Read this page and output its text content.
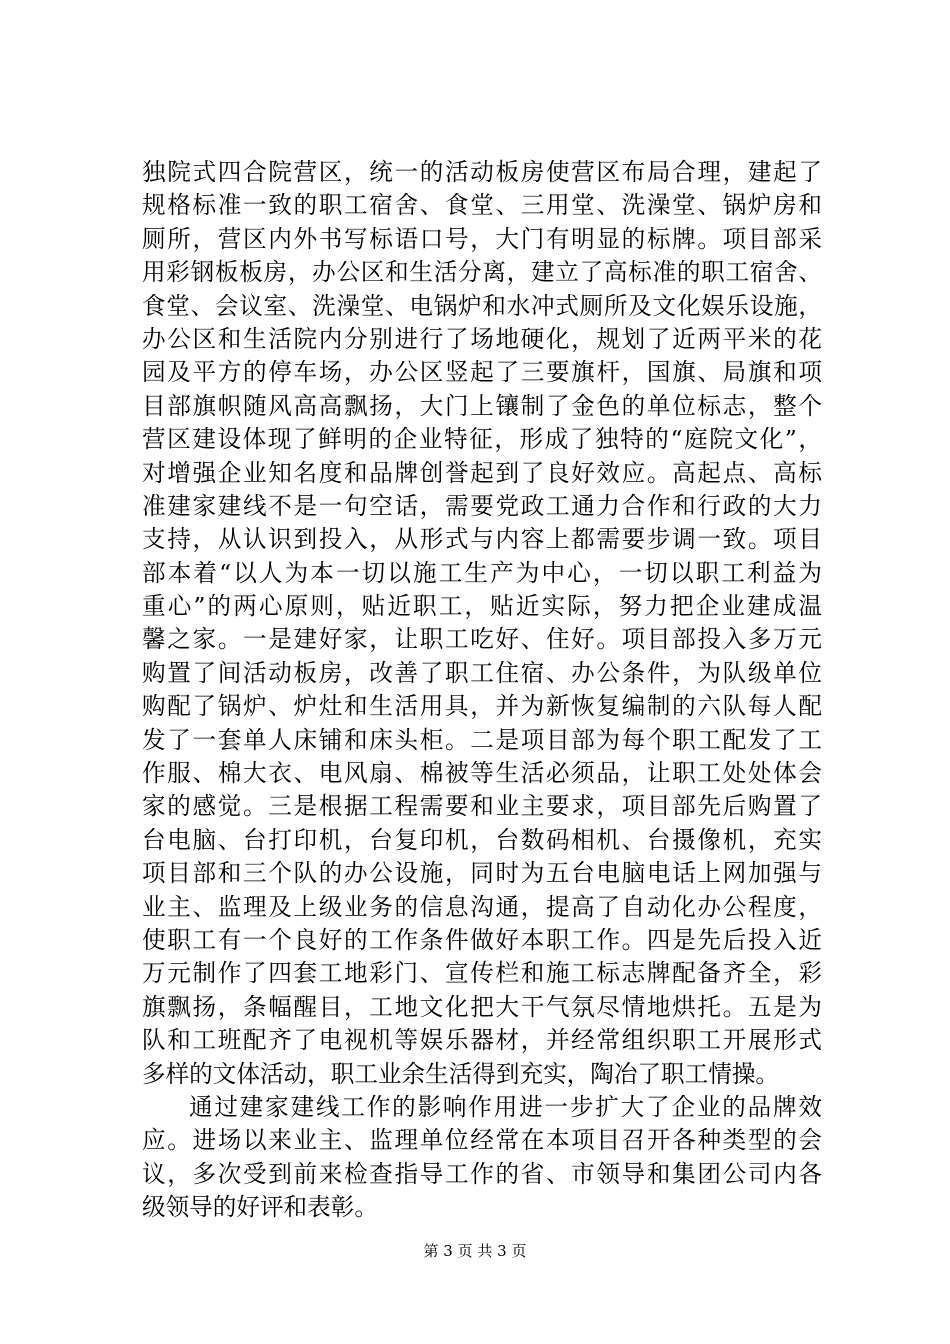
独院式四合院营区，统一的活动板房使营区布局合理，建起了
规格标准一致的职工宿舍、食堂、三用堂、洗澡堂、锅炉房和
厕所，营区内外书写标语口号，大门有明显的标牌。项目部采
用彩钢板板房，办公区和生活分离，建立了高标准的职工宿舍、
食堂、会议室、洗澡堂、电锅炉和水冲式厕所及文化娱乐设施，
办公区和生活院内分别进行了场地硬化，规划了近两平米的花
园及平方的停车场，办公区竖起了三要旗杆，国旗、局旗和项
目部旗帜随风高高飘扬，大门上镶制了金色的单位标志，整个
营区建设体现了鲜明的企业特征，形成了独特的“庭院文化”，
对增强企业知名度和品牌创誉起到了良好效应。高起点、高标
准建家建线不是一句空话，需要党政工通力合作和行政的大力
支持，从认识到投入，从形式与内容上都需要步调一致。项目
部本着“以人为本一切以施工生产为中心，一切以职工利益为
重心”的两心原则，贴近职工，贴近实际，努力把企业建成温
馨之家。一是建好家，让职工吃好、住好。项目部投入多万元
购置了间活动板房，改善了职工住宿、办公条件，为队级单位
购配了锅炉、炉灶和生活用具，并为新恢复编制的六队每人配
发了一套单人床铺和床头柜。二是项目部为每个职工配发了工
作服、棉大衣、电风扇、棉被等生活必须品，让职工处处体会
家的感觉。三是根据工程需要和业主要求，项目部先后购置了
台电脑、台打印机，台复印机，台数码相机、台摄像机，充实
项目部和三个队的办公设施，同时为五台电脑电话上网加强与
业主、监理及上级业务的信息沟通，提高了自动化办公程度，
使职工有一个良好的工作条件做好本职工作。四是先后投入近
万元制作了四套工地彩门、宣传栏和施工标志牌配备齐全，彩
旗飘扬，条幅醒目，工地文化把大干气氛尽情地烘托。五是为
队和工班配齐了电视机等娱乐器材，并经常组织职工开展形式
多样的文体活动，职工业余生活得到充实，陶冶了职工情操。
通过建家建线工作的影响作用进一步扩大了企业的品牌效
应。进场以来业主、监理单位经常在本项目召开各种类型的会
议，多次受到前来检查指导工作的省、市领导和集团公司内各
级领导的好评和表彰。
第 3 页 共 3 页
